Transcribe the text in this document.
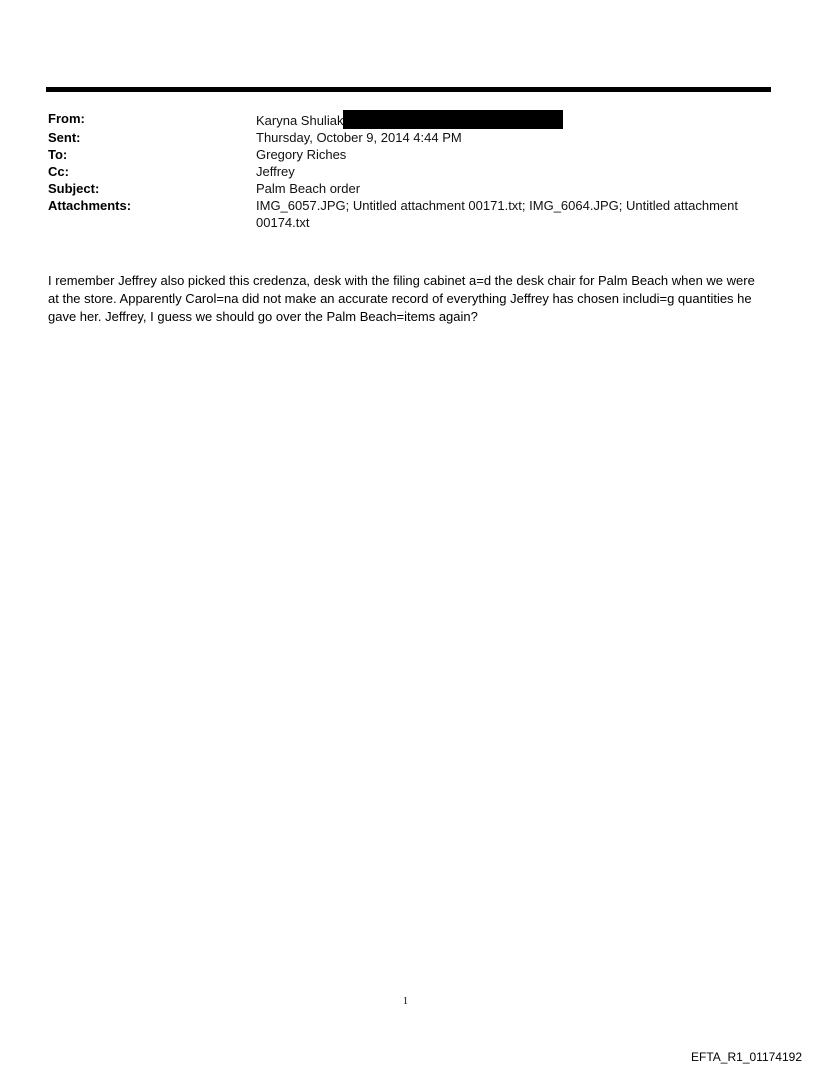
From:	Karyna Shuliak
Sent:	Thursday, October 9, 2014 4:44 PM
To:	Gregory Riches
Cc:	Jeffrey
Subject:	Palm Beach order
Attachments:	IMG_6057.JPG; Untitled attachment 00171.txt; IMG_6064.JPG; Untitled attachment 00174.txt
I remember Jeffrey also picked this credenza, desk with the filing cabinet a=d the desk chair for Palm Beach when we were at the store. Apparently Carol=na did not make an accurate record of everything Jeffrey has chosen includi=g quantities he gave her. Jeffrey, I guess we should go over the Palm Beach=items again?
1
EFTA_R1_01174192
